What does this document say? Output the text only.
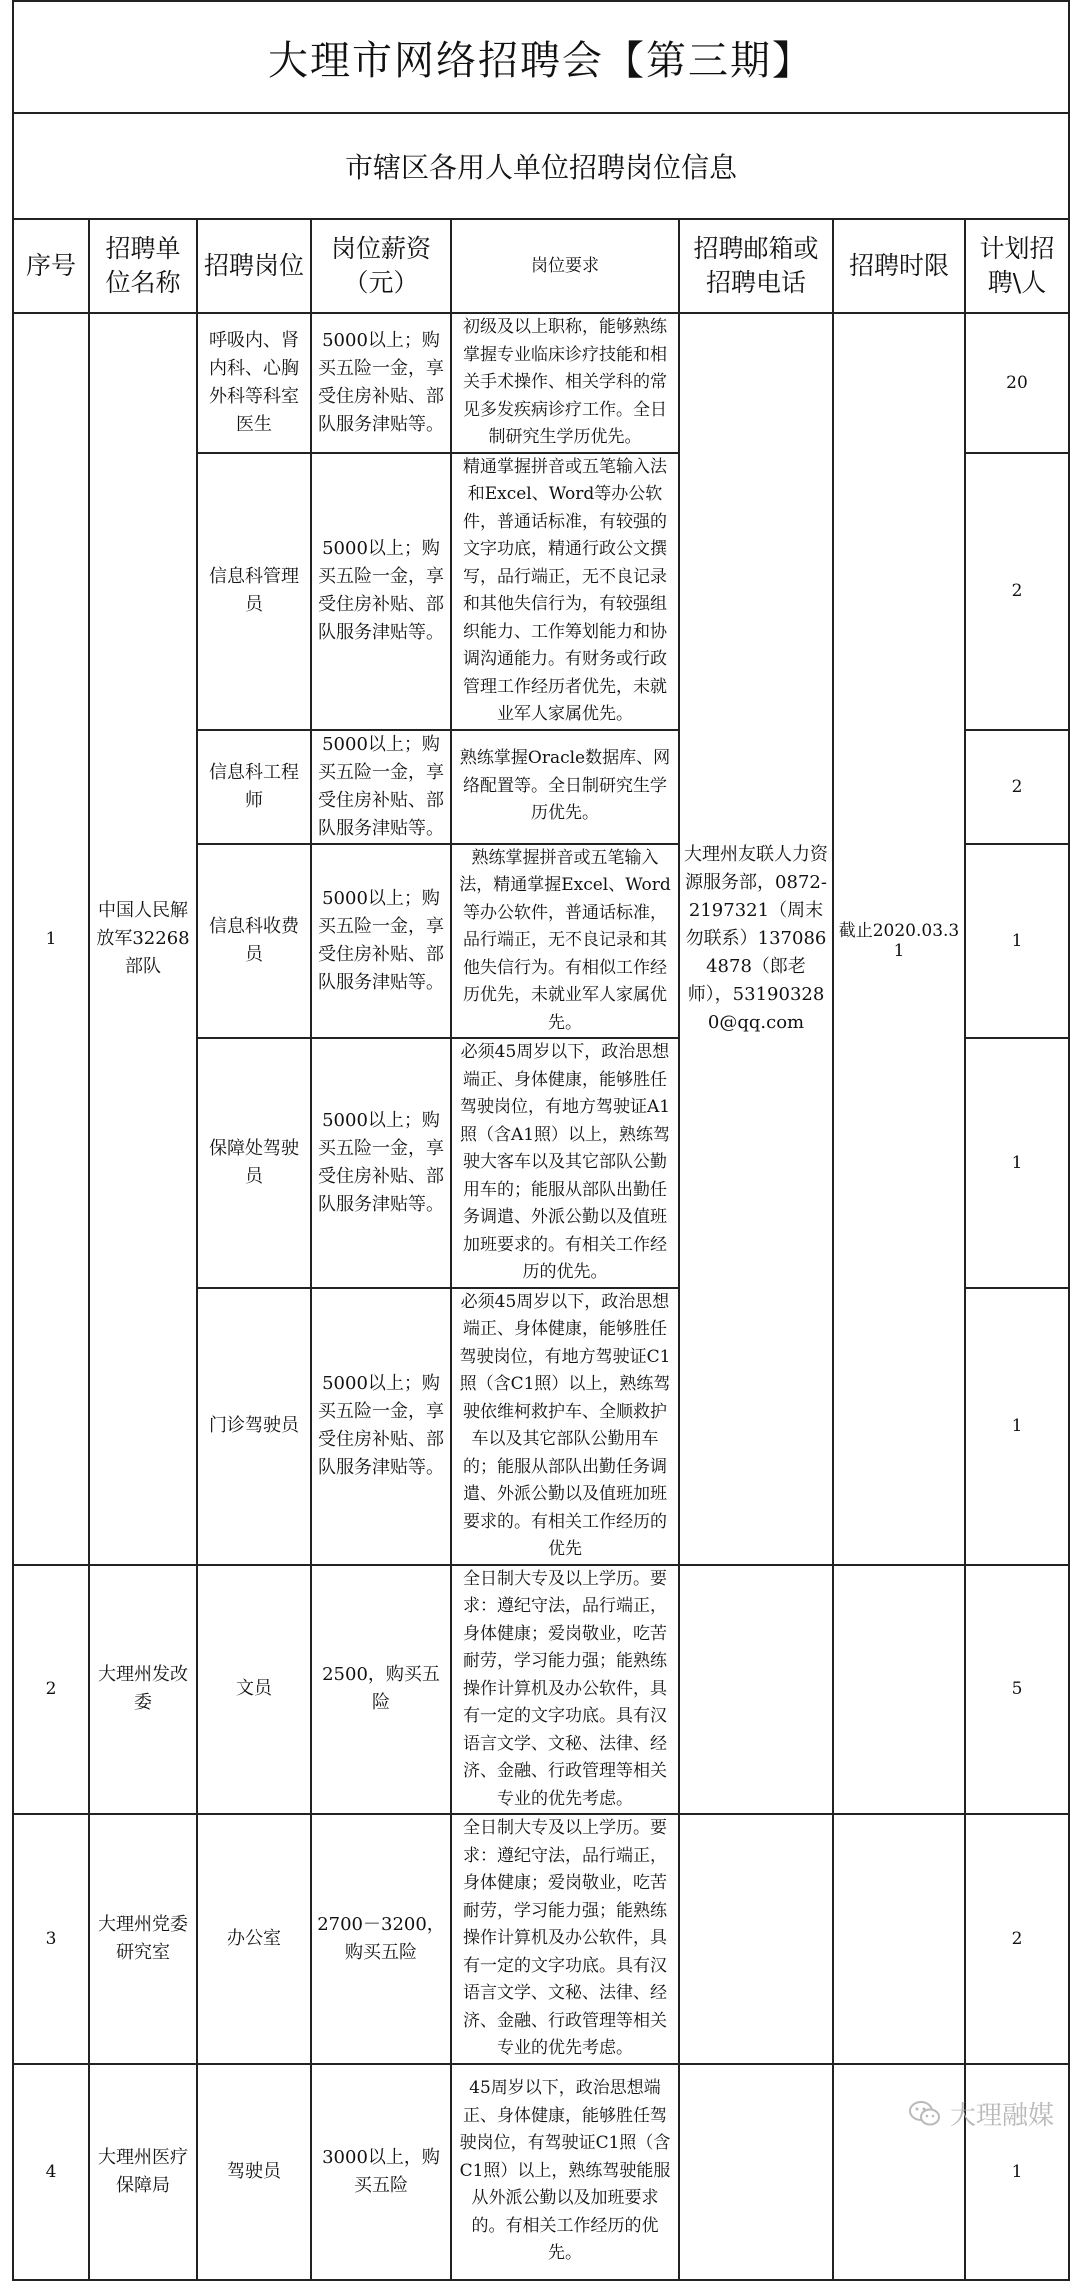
大理市网络招聘会【第三期】							
市辖区各用人单位招聘岗位信息							
序号	招聘单位名称	招聘岗位	岗位薪资（元）	岗位要求	招聘邮箱或招聘电话	招聘时限	计划招聘\人
1	中国人民解放军32268部队	呼吸内、肾内科、心胸外科等科室医生	5000以上；购买五险一金，享受住房补贴、部队服务津贴等。	初级及以上职称，能够熟练掌握专业临床诊疗技能和相关手术操作、相关学科的常见多发疾病诊疗工作。全日制研究生学历优先。	大理州友联人力资源服务部，0872-2197321（周末勿联系）1370864878（郎老师），531903280@qq.com	截止2020.03.31	20
		信息科管理员	5000以上；购买五险一金，享受住房补贴、部队服务津贴等。	精通掌握拼音或五笔输入法和Excel、Word等办公软件，普通话标准，有较强的文字功底，精通行政公文撰写，品行端正，无不良记录和其他失信行为，有较强组织能力、工作筹划能力和协调沟通能力。有财务或行政管理工作经历者优先，未就业军人家属优先。			2
		信息科工程师	5000以上；购买五险一金，享受住房补贴、部队服务津贴等。	熟练掌握Oracle数据库、网络配置等。全日制研究生学历优先。			2
		信息科收费员	5000以上；购买五险一金，享受住房补贴、部队服务津贴等。	熟练掌握拼音或五笔输入法，精通掌握Excel、Word等办公软件，普通话标准，品行端正，无不良记录和其他失信行为。有相似工作经历优先，未就业军人家属优先。			1
		保障处驾驶员	5000以上；购买五险一金，享受住房补贴、部队服务津贴等。	必须45周岁以下，政治思想端正、身体健康，能够胜任驾驶岗位，有地方驾驶证A1照（含A1照）以上，熟练驾驶大客车以及其它部队公勤用车的；能服从部队出勤任务调遣、外派公勤以及值班加班要求的。有相关工作经历的优先。			1
		门诊驾驶员	5000以上；购买五险一金，享受住房补贴、部队服务津贴等。	必须45周岁以下，政治思想端正、身体健康，能够胜任驾驶岗位，有地方驾驶证C1照（含C1照）以上，熟练驾驶依维柯救护车、全顺救护车以及其它部队公勤用车的；能服从部队出勤任务调遣、外派公勤以及值班加班要求的。有相关工作经历的优先			1
2	大理州发改委	文员	2500，购买五险	全日制大专及以上学历。要求：遵纪守法，品行端正，身体健康；爱岗敬业，吃苦耐劳，学习能力强；能熟练操作计算机及办公软件，具有一定的文字功底。具有汉语言文学、文秘、法律、经济、金融、行政管理等相关专业的优先考虑。			5
3	大理州党委研究室	办公室	2700－3200，购买五险	全日制大专及以上学历。要求：遵纪守法，品行端正，身体健康；爱岗敬业，吃苦耐劳，学习能力强；能熟练操作计算机及办公软件，具有一定的文字功底。具有汉语言文学、文秘、法律、经济、金融、行政管理等相关专业的优先考虑。			2
4	大理州医疗保障局	驾驶员	3000以上，购买五险	45周岁以下，政治思想端正、身体健康，能够胜任驾驶岗位，有驾驶证C1照（含C1照）以上，熟练驾驶能服从外派公勤以及加班要求的。有相关工作经历的优先。			1
大理融媒
